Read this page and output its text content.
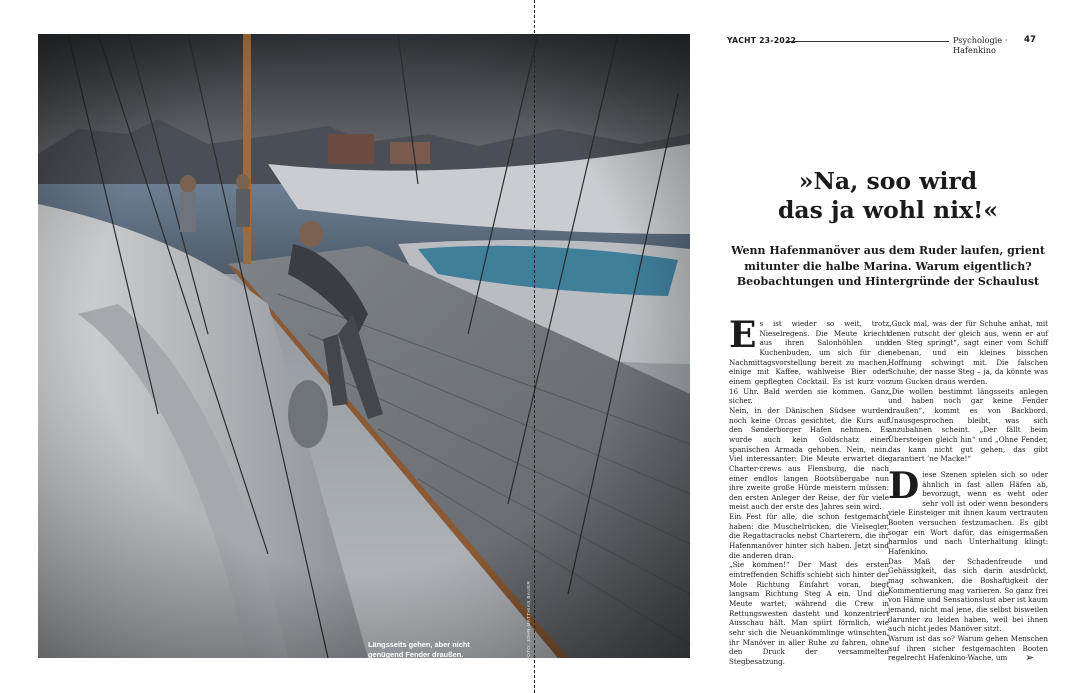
Längsseits gehen, aber nicht
genügend Fender draußen.
An solchen Situationen weiden
sich Schadenfreudige gern
FOTO: JOHN-MATTHIAS BAUER
YACHT 23-2022	Psychologie · Hafenkino
47
»Na, soo wird
das ja wohl nix!«
Wenn Hafenmanöver aus dem Ruder laufen, grient
mitunter die halbe Marina. Warum eigentlich?
Beobachtungen und Hintergründe der Schaulust

Es ist wieder so weit, trotz Nieselregens. Die Meute kriecht aus ihren Salonhöhlen und Kuchenbuden, um sich für die Nachmittagsvorstellung bereit zu machen, einige mit Kaffee, wahlweise Bier oder einem gepflegten Cocktail. Es ist kurz vor 16 Uhr. Bald werden sie kommen. Ganz sicher.

Nein, in der Dänischen Südsee wurden noch keine Orcas gesichtet, die Kurs auf den Sønderborger Hafen nehmen. Es wurde auch kein Goldschatz einer spanischen Armada gehoben. Nein, nein. Viel interessanter: Die Meute erwartet die Charter-crews aus Flensburg, die nach einer endlos langen Bootsübergabe nun ihre zweite große Hürde meistern müssen: den ersten Anleger der Reise, der für viele meist auch der erste des Jahres sein wird.

Ein Fest für alle, die schon festgemacht haben: die Muschelrücken, die Vielsegler, die Regattacracks nebst Charterern, die ihr Hafenmanöver hinter sich haben. Jetzt sind die anderen dran.

„Sie kommen!“ Der Mast des ersten eintreffenden Schiffs schiebt sich hinter der Mole Richtung Einfahrt voran, biegt langsam Richtung Steg A ein. Und die Meute wartet, während die Crew in Rettungswesten dasteht und konzentriert Ausschau hält. Man spürt förmlich, wie sehr sich die Neuankömmlinge wünschten, ihr Manöver in aller Ruhe zu fahren, ohne den Druck der versammelten Stegbesatzung.

„Guck mal, was der für Schuhe anhat, mit denen rutscht der gleich aus, wenn er auf den Steg springt“, sagt einer vom Schiff nebenan, und ein kleines bisschen Hoffnung schwingt mit. Die falschen Schuhe, der nasse Steg – ja, da könnte was zum Gucken draus werden.

„Die wollen bestimmt längsseits anlegen und haben noch gar keine Fender draußen“, kommt es von Backbord. Unausgesprochen bleibt, was sich anzubahnen scheint. „Der fällt beim Übersteigen gleich hin“ und „Ohne Fender, das kann nicht gut gehen, das gibt garantiert ’ne Macke!“

Diese Szenen spielen sich so oder ähnlich in fast allen Häfen ab, bevorzugt, wenn es weht oder sehr voll ist oder wenn besonders viele Einsteiger mit ihnen kaum vertrauten Booten versuchen festzumachen. Es gibt sogar ein Wort dafür, das einigermaßen harmlos und nach Unterhaltung klingt: Hafenkino.

Das Maß der Schadenfreude und Gehässigkeit, das sich darin ausdrückt, mag schwanken, die Boshaftigkeit der Kommentierung mag variieren. So ganz frei von Häme und Sensationslust aber ist kaum jemand, nicht mal jene, die selbst bisweilen darunter zu leiden haben, weil bei ihnen auch nicht jedes Manöver sitzt.

Warum ist das so? Warum gehen Menschen auf ihren sicher festgemachten Booten regelrecht Hafenkino-Wache, um	➢
